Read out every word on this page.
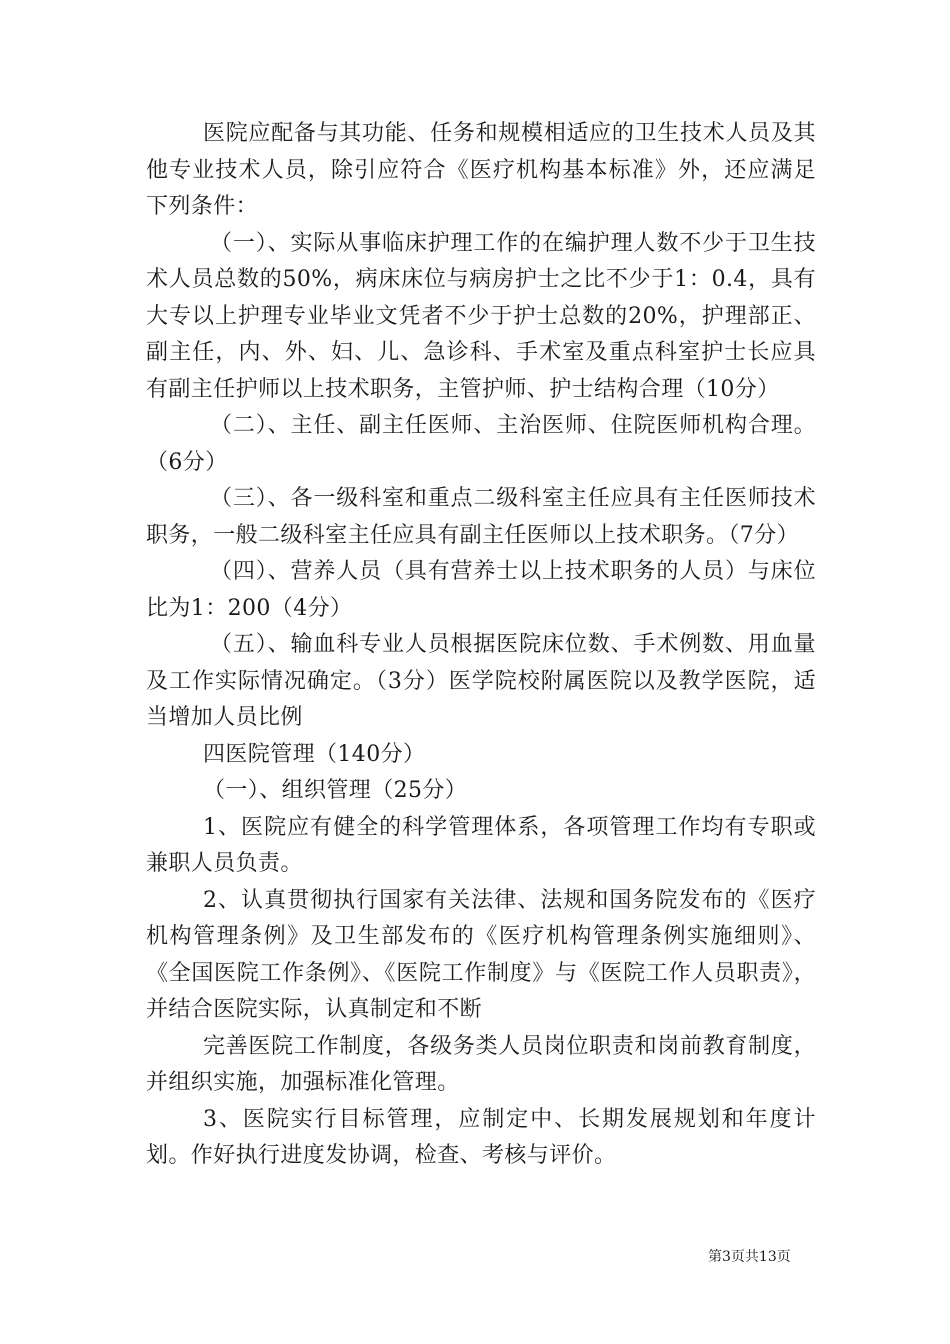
医院应配备与其功能、任务和规模相适应的卫生技术人员及其他专业技术人员，除引应符合《医疗机构基本标准》外，还应满足下列条件：

（一）、实际从事临床护理工作的在编护理人数不少于卫生技术人员总数的50%，病床床位与病房护士之比不少于1：0.4，具有大专以上护理专业毕业文凭者不少于护士总数的20%，护理部正、副主任，内、外、妇、儿、急诊科、手术室及重点科室护士长应具有副主任护师以上技术职务，主管护师、护士结构合理（10分）

（二）、主任、副主任医师、主治医师、住院医师机构合理。（6分）

（三）、各一级科室和重点二级科室主任应具有主任医师技术职务，一般二级科室主任应具有副主任医师以上技术职务。（7分）

（四）、营养人员（具有营养士以上技术职务的人员）与床位比为1：200（4分）

（五）、输血科专业人员根据医院床位数、手术例数、用血量及工作实际情况确定。（3分）医学院校附属医院以及教学医院，适当增加人员比例

四医院管理（140分）

（一）、组织管理（25分）

1、医院应有健全的科学管理体系，各项管理工作均有专职或兼职人员负责。

2、认真贯彻执行国家有关法律、法规和国务院发布的《医疗机构管理条例》及卫生部发布的《医疗机构管理条例实施细则》、《全国医院工作条例》、《医院工作制度》与《医院工作人员职责》，并结合医院实际，认真制定和不断

完善医院工作制度，各级务类人员岗位职责和岗前教育制度，并组织实施，加强标准化管理。

3、医院实行目标管理，应制定中、长期发展规划和年度计划。作好执行进度发协调，检查、考核与评价。

第3页共13页
